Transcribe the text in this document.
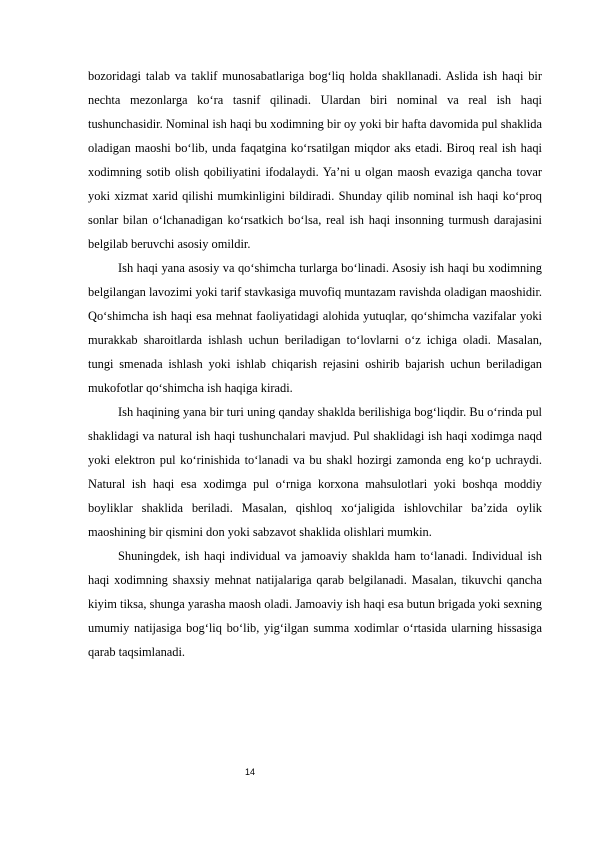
bozoridagi talab va taklif munosabatlariga bog‘liq holda shakllanadi. Aslida ish haqi bir nechta mezonlarga ko‘ra tasnif qilinadi. Ulardan biri nominal va real ish haqi tushunchasidir. Nominal ish haqi bu xodimning bir oy yoki bir hafta davomida pul shaklida oladigan maoshi bo‘lib, unda faqatgina ko‘rsatilgan miqdor aks etadi. Biroq real ish haqi xodimning sotib olish qobiliyatini ifodalaydi. Ya’ni u olgan maosh evaziga qancha tovar yoki xizmat xarid qilishi mumkinligini bildiradi. Shunday qilib nominal ish haqi ko‘proq sonlar bilan o‘lchanadigan ko‘rsatkich bo‘lsa, real ish haqi insonning turmush darajasini belgilab beruvchi asosiy omildir.

Ish haqi yana asosiy va qo‘shimcha turlarga bo‘linadi. Asosiy ish haqi bu xodimning belgilangan lavozimi yoki tarif stavkasiga muvofiq muntazam ravishda oladigan maoshidir. Qo‘shimcha ish haqi esa mehnat faoliyatidagi alohida yutuqlar, qo‘shimcha vazifalar yoki murakkab sharoitlarda ishlash uchun beriladigan to‘lovlarni o‘z ichiga oladi. Masalan, tungi smenada ishlash yoki ishlab chiqarish rejasini oshirib bajarish uchun beriladigan mukofotlar qo‘shimcha ish haqiga kiradi.

Ish haqining yana bir turi uning qanday shaklda berilishiga bog‘liqdir. Bu o‘rinda pul shaklidagi va natural ish haqi tushunchalari mavjud. Pul shaklidagi ish haqi xodimga naqd yoki elektron pul ko‘rinishida to‘lanadi va bu shakl hozirgi zamonda eng ko‘p uchraydi. Natural ish haqi esa xodimga pul o‘rniga korxona mahsulotlari yoki boshqa moddiy boyliklar shaklida beriladi. Masalan, qishloq xo‘jaligida ishlovchilar ba’zida oylik maoshining bir qismini don yoki sabzavot shaklida olishlari mumkin.

Shuningdek, ish haqi individual va jamoaviy shaklda ham to‘lanadi. Individual ish haqi xodimning shaxsiy mehnat natijalariga qarab belgilanadi. Masalan, tikuvchi qancha kiyim tiksa, shunga yarasha maosh oladi. Jamoaviy ish haqi esa butun brigada yoki sexning umumiy natijasiga bog‘liq bo‘lib, yig‘ilgan summa xodimlar o‘rtasida ularning hissasiga qarab taqsimlanadi.

14
